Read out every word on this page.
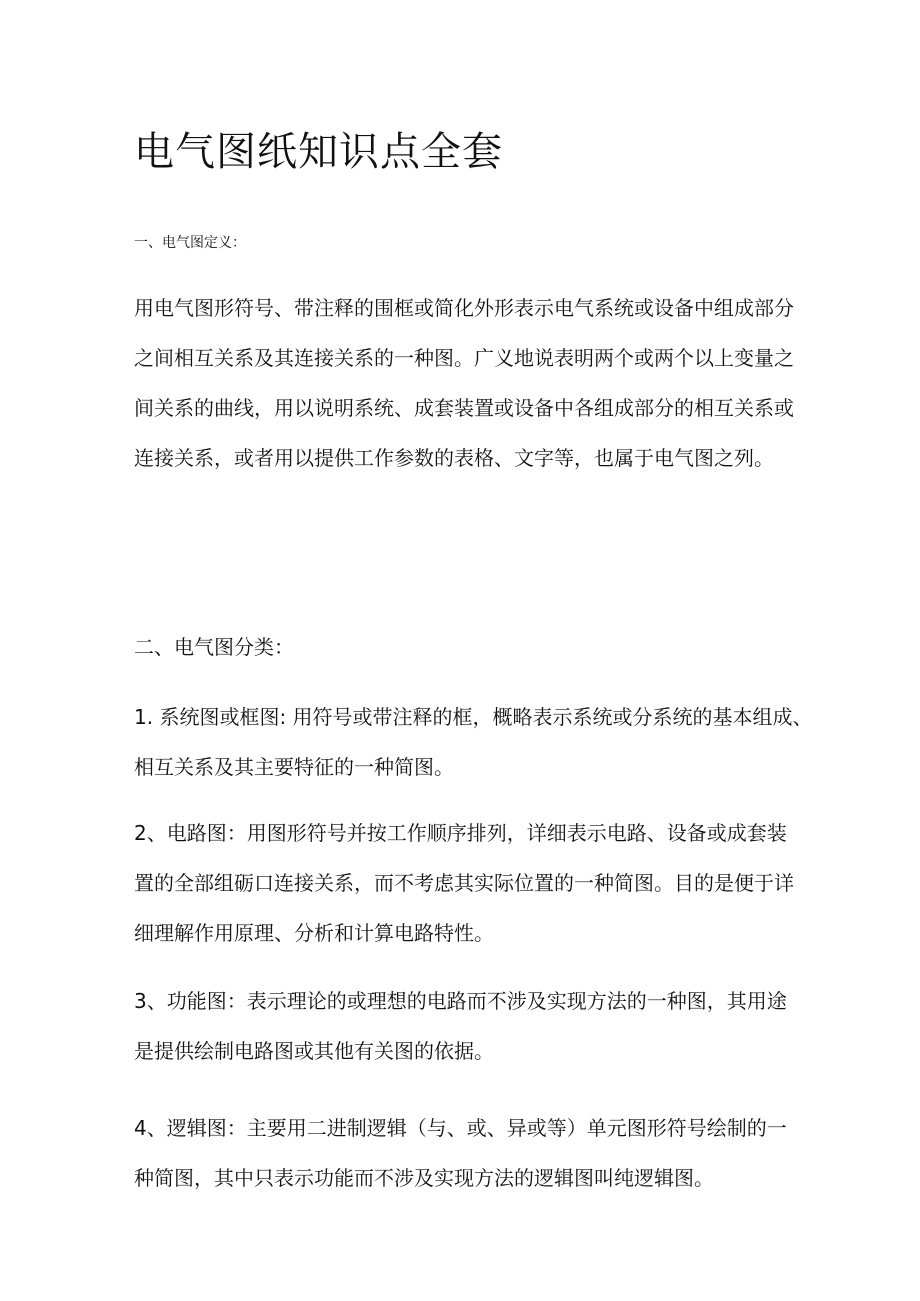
电气图纸知识点全套
一、电气图定义：
用电气图形符号、带注释的围框或简化外形表示电气系统或设备中组成部分
之间相互关系及其连接关系的一种图。广义地说表明两个或两个以上变量之
间关系的曲线，用以说明系统、成套装置或设备中各组成部分的相互关系或
连接关系，或者用以提供工作参数的表格、文字等，也属于电气图之列。
二、电气图分类：
1. 系统图或框图: 用符号或带注释的框，概略表示系统或分系统的基本组成、
相互关系及其主要特征的一种简图。
2、电路图：用图形符号并按工作顺序排列，详细表示电路、设备或成套装
置的全部组砺口连接关系，而不考虑其实际位置的一种简图。目的是便于详
细理解作用原理、分析和计算电路特性。
3、功能图：表示理论的或理想的电路而不涉及实现方法的一种图，其用途
是提供绘制电路图或其他有关图的依据。
4、逻辑图：主要用二进制逻辑（与、或、异或等）单元图形符号绘制的一
种简图，其中只表示功能而不涉及实现方法的逻辑图叫纯逻辑图。
